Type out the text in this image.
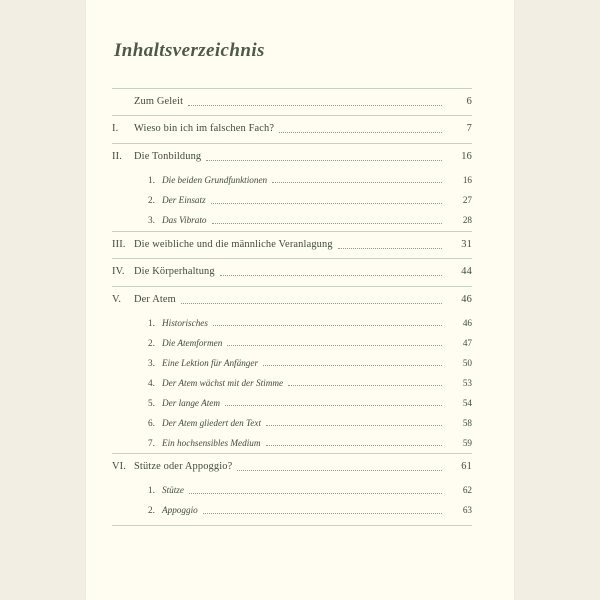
Inhaltsverzeichnis
Zum Geleit	6
I.	Wieso bin ich im falschen Fach?	7
II.	Die Tonbildung	16
1. Die beiden Grundfunktionen	16
2. Der Einsatz	27
3. Das Vibrato	28
III. Die weibliche und die männliche Veranlagung	31
IV. Die Körperhaltung	44
V.	Der Atem	46
1. Historisches	46
2. Die Atemformen	47
3. Eine Lektion für Anfänger	50
4. Der Atem wächst mit der Stimme	53
5. Der lange Atem	54
6. Der Atem gliedert den Text	58
7. Ein hochsensibles Medium	59
VI. Stütze oder Appoggio?	61
1. Stütze	62
2. Appoggio	63
